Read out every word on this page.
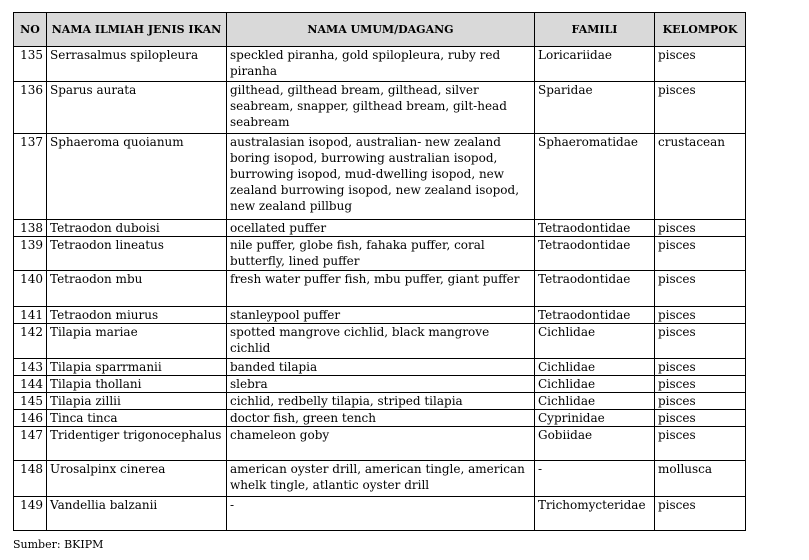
NO	NAMA ILMIAH JENIS IKAN	NAMA UMUM/DAGANG	FAMILI	KELOMPOK
135	Serrasalmus spilopleura	speckled piranha, gold spilopleura, ruby red piranha	Loricariidae	pisces
136	Sparus aurata	gilthead, gilthead bream, gilthead, silver seabream, snapper, gilthead bream, gilt-head seabream	Sparidae	pisces
137	Sphaeroma quoianum	australasian isopod, australian- new zealand boring isopod, burrowing australian isopod, burrowing isopod, mud-dwelling isopod, new zealand burrowing isopod, new zealand isopod, new zealand pillbug	Sphaeromatidae	crustacean
138	Tetraodon duboisi	ocellated puffer	Tetraodontidae	pisces
139	Tetraodon lineatus	nile puffer, globe fish, fahaka puffer, coral butterfly, lined puffer	Tetraodontidae	pisces
140	Tetraodon mbu	fresh water puffer fish, mbu puffer, giant puffer	Tetraodontidae	pisces
141	Tetraodon miurus	stanleypool puffer	Tetraodontidae	pisces
142	Tilapia mariae	spotted mangrove cichlid, black mangrove cichlid	Cichlidae	pisces
143	Tilapia sparrmanii	banded tilapia	Cichlidae	pisces
144	Tilapia thollani	slebra	Cichlidae	pisces
145	Tilapia zillii	cichlid, redbelly tilapia, striped tilapia	Cichlidae	pisces
146	Tinca tinca	doctor fish, green tench	Cyprinidae	pisces
147	Tridentiger trigonocephalus	chameleon goby	Gobiidae	pisces
148	Urosalpinx cinerea	american oyster drill, american tingle, american whelk tingle, atlantic oyster drill	-	mollusca
149	Vandellia balzanii	-	Trichomycteridae	pisces
Sumber: BKIPM
